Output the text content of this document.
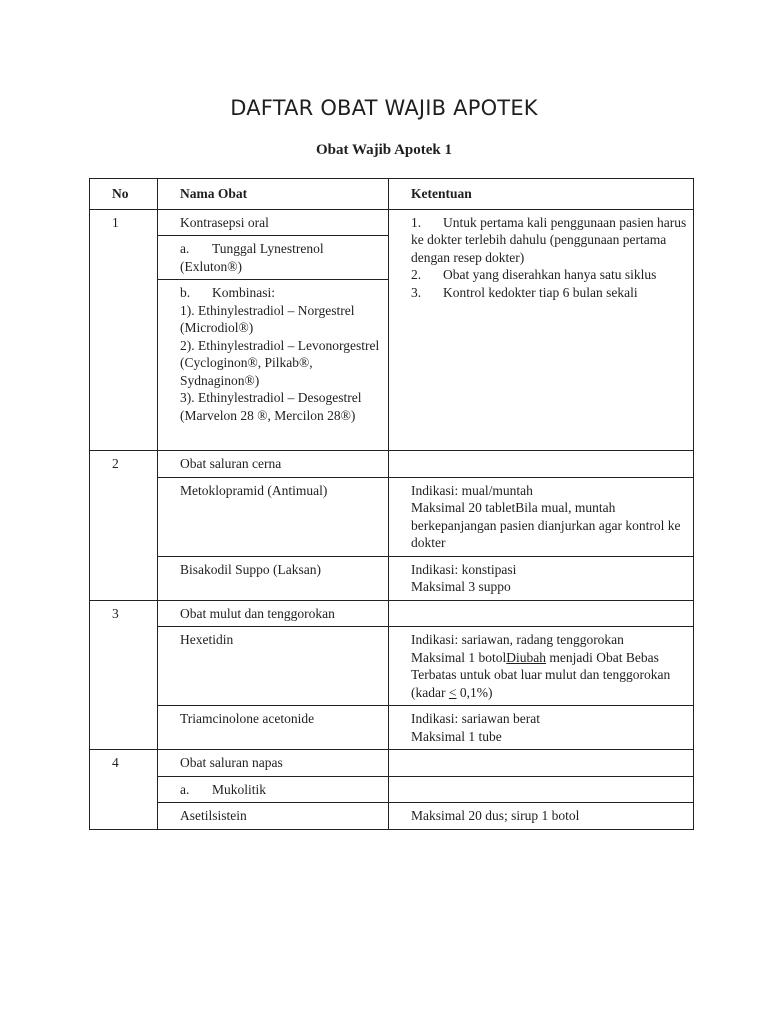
DAFTAR OBAT WAJIB APOTEK
Obat Wajib Apotek 1
No	Nama Obat	Ketentuan
1	Kontrasepsi oral	1. Untuk pertama kali penggunaan pasien harus ke dokter terlebih dahulu (penggunaan pertama dengan resep dokter)
2. Obat yang diserahkan hanya satu siklus
3. Kontrol kedokter tiap 6 bulan sekali

	a. Tunggal Lynestrenol (Exluton®)	

	b. Kombinasi:
1). Ethinylestradiol – Norgestrel (Microdiol®)
2). Ethinylestradiol – Levonorgestrel (Cycloginon®, Pilkab®, Sydnaginon®)
3). Ethinylestradiol – Desogestrel (Marvelon 28 ®, Mercilon 28®)	

2	Obat saluran cerna	
	Metoklopramid (Antimual)	Indikasi: mual/muntah
Maksimal 20 tabletBila mual, muntah berkepanjangan pasien dianjurkan agar kontrol ke dokter

	Bisakodil Suppo (Laksan)	Indikasi: konstipasi
Maksimal 3 suppo

3	Obat mulut dan tenggorokan	
	Hexetidin	Indikasi: sariawan, radang tenggorokan
Maksimal 1 botolDiubah menjadi Obat Bebas Terbatas untuk obat luar mulut dan tenggorokan (kadar < 0,1%)

	Triamcinolone acetonide	Indikasi: sariawan berat
Maksimal 1 tube

4	Obat saluran napas	
	a. Mukolitik	
	Asetilsistein	Maksimal 20 dus; sirup 1 botol
